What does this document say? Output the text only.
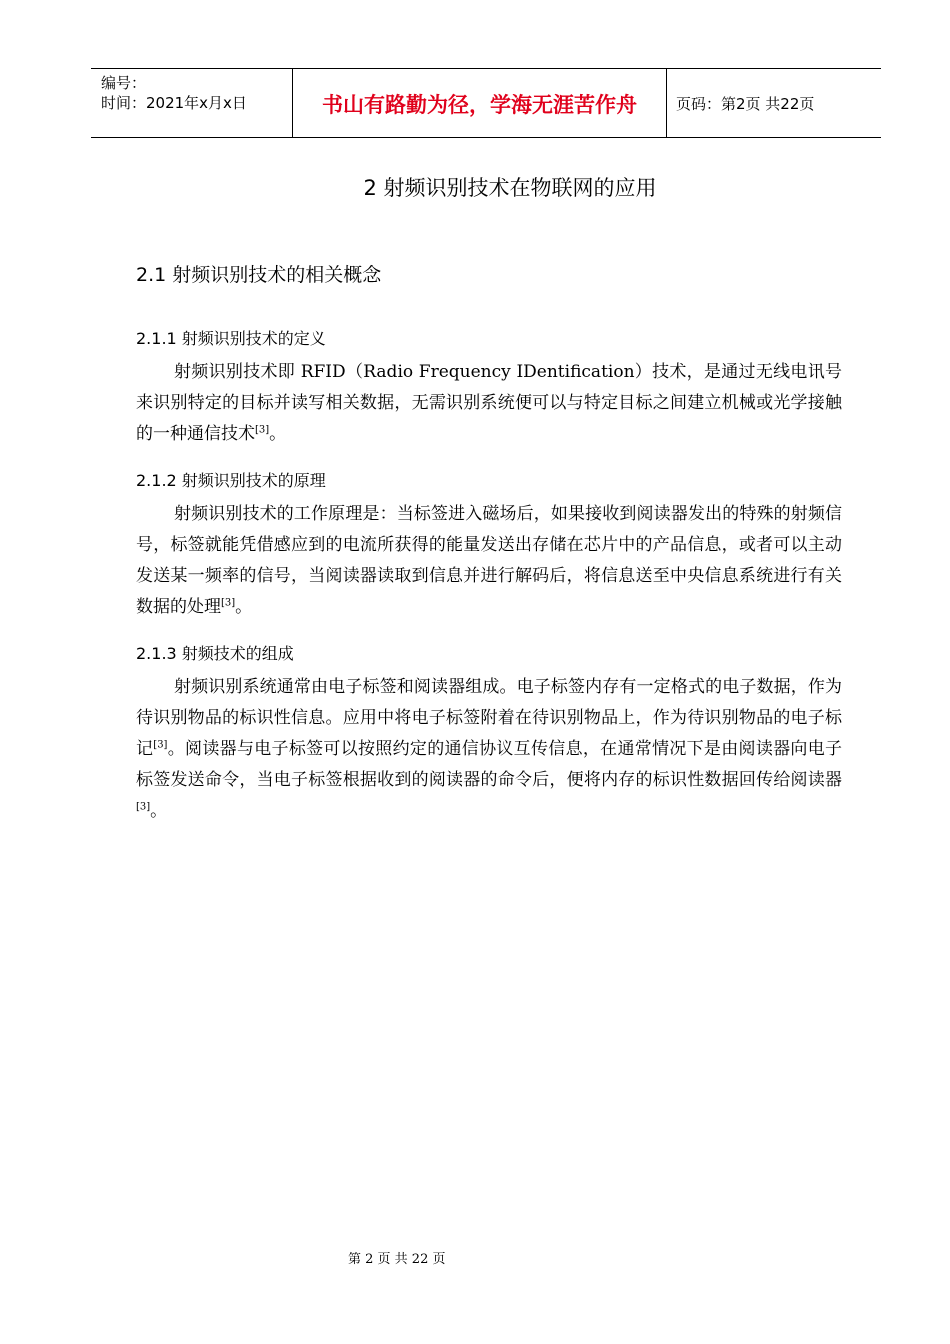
编号：
时间：2021年x月x日	书山有路勤为径，学海无涯苦作舟	页码：第2页 共22页
2 射频识别技术在物联网的应用
2.1 射频识别技术的相关概念
2.1.1 射频识别技术的定义

射频识别技术即 RFID（Radio Frequency IDentification）技术，是通过无线电讯号来识别特定的目标并读写相关数据，无需识别系统便可以与特定目标之间建立机械或光学接触的一种通信技术[3]。

2.1.2 射频识别技术的原理

射频识别技术的工作原理是：当标签进入磁场后，如果接收到阅读器发出的特殊的射频信号，标签就能凭借感应到的电流所获得的能量发送出存储在芯片中的产品信息，或者可以主动发送某一频率的信号，当阅读器读取到信息并进行解码后，将信息送至中央信息系统进行有关数据的处理[3]。

2.1.3 射频技术的组成

射频识别系统通常由电子标签和阅读器组成。电子标签内存有一定格式的电子数据，作为待识别物品的标识性信息。应用中将电子标签附着在待识别物品上，作为待识别物品的电子标记[3]。阅读器与电子标签可以按照约定的通信协议互传信息，在通常情况下是由阅读器向电子标签发送命令，当电子标签根据收到的阅读器的命令后，便将内存的标识性数据回传给阅读器[3]。

第 2 页 共 22 页
